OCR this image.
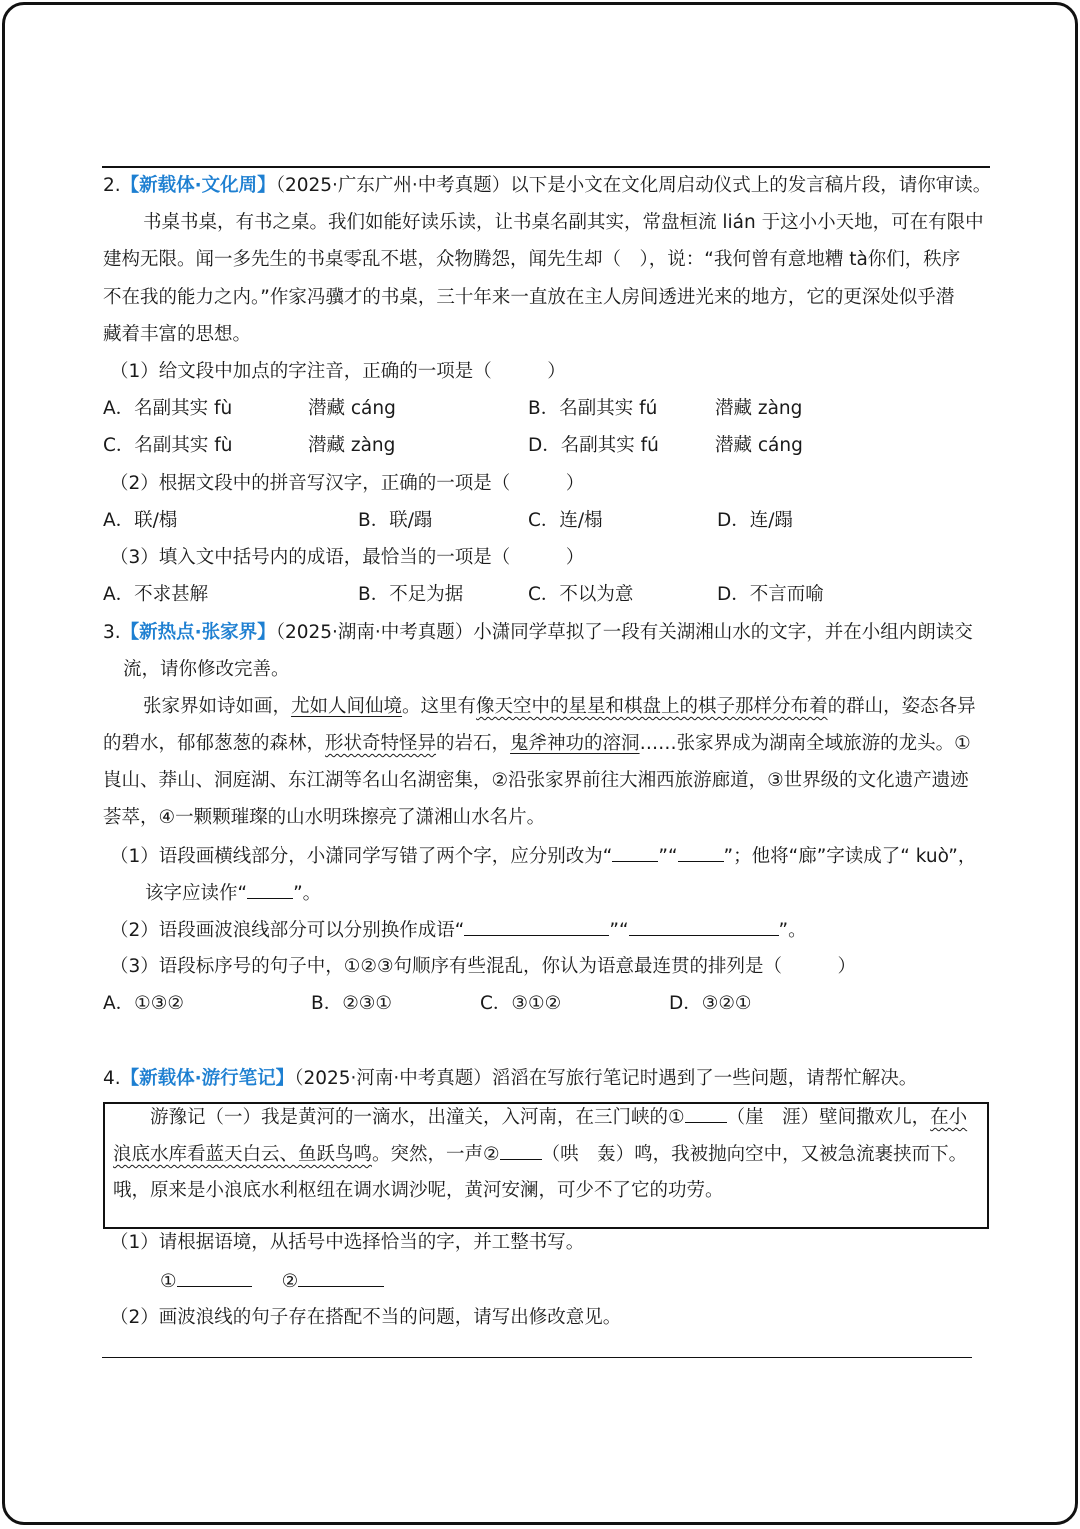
2.【新载体·文化周】（2025·广东广州·中考真题）以下是小文在文化周启动仪式上的发言稿片段，请你审读。
书桌书桌，有书之桌。我们如能好读乐读，让书桌名副其实，常盘桓流 lián 于这小小天地，可在有限中
建构无限。闻一多先生的书桌零乱不堪，众物腾怨，闻先生却（　），说：“我何曾有意地糟 tà你们，秩序
不在我的能力之内。”作家冯骥才的书桌，三十年来一直放在主人房间透进光来的地方，它的更深处似乎潜
藏着丰富的思想。
（1）给文段中加点的字注音，正确的一项是（　　　）
A．名副其实 fù	潜藏 cáng	B．名副其实 fú	潜藏 zàng
C．名副其实 fù	潜藏 zàng	D．名副其实 fú	潜藏 cáng
（2）根据文段中的拼音写汉字，正确的一项是（　　　）
A．联/榻	B．联/蹋	C．连/榻	D．连/蹋
（3）填入文中括号内的成语，最恰当的一项是（　　　）
A．不求甚解	B．不足为据	C．不以为意	D．不言而喻
3.【新热点·张家界】（2025·湖南·中考真题）小潇同学草拟了一段有关湖湘山水的文字，并在小组内朗读交
流，请你修改完善。
张家界如诗如画，尤如人间仙境。这里有像天空中的星星和棋盘上的棋子那样分布着的群山，姿态各异
的碧水，郁郁葱葱的森林，形状奇特怪异的岩石，鬼斧神功的溶洞……张家界成为湖南全域旅游的龙头。①
崀山、莽山、洞庭湖、东江湖等名山名湖密集，②沿张家界前往大湘西旅游廊道，③世界级的文化遗产遗迹
荟萃，④一颗颗璀璨的山水明珠擦亮了潇湘山水名片。
（1）语段画横线部分，小潇同学写错了两个字，应分别改为“ ”“ ”；他将“廊”字读成了“ kuò”，
该字应读作“ ”。
（2）语段画波浪线部分可以分别换作成语“	”“	”。
（3）语段标序号的句子中，①②③句顺序有些混乱，你认为语意最连贯的排列是（　　　）
A．①③②	B．②③①	C．③①②	D．③②①
4.【新载体·游行笔记】（2025·河南·中考真题）滔滔在写旅行笔记时遇到了一些问题，请帮忙解决。
游豫记（一）我是黄河的一滴水，出潼关，入河南，在三门峡的① （崖　涯）壁间撒欢儿，在小
浪底水库看蓝天白云、鱼跃鸟鸣。突然，一声② （哄　轰）鸣，我被抛向空中，又被急流裹挟而下。
哦，原来是小浪底水利枢纽在调水调沙呢，黄河安澜，可少不了它的功劳。
（1）请根据语境，从括号中选择恰当的字，并工整书写。
①	②
（2）画波浪线的句子存在搭配不当的问题，请写出修改意见。
